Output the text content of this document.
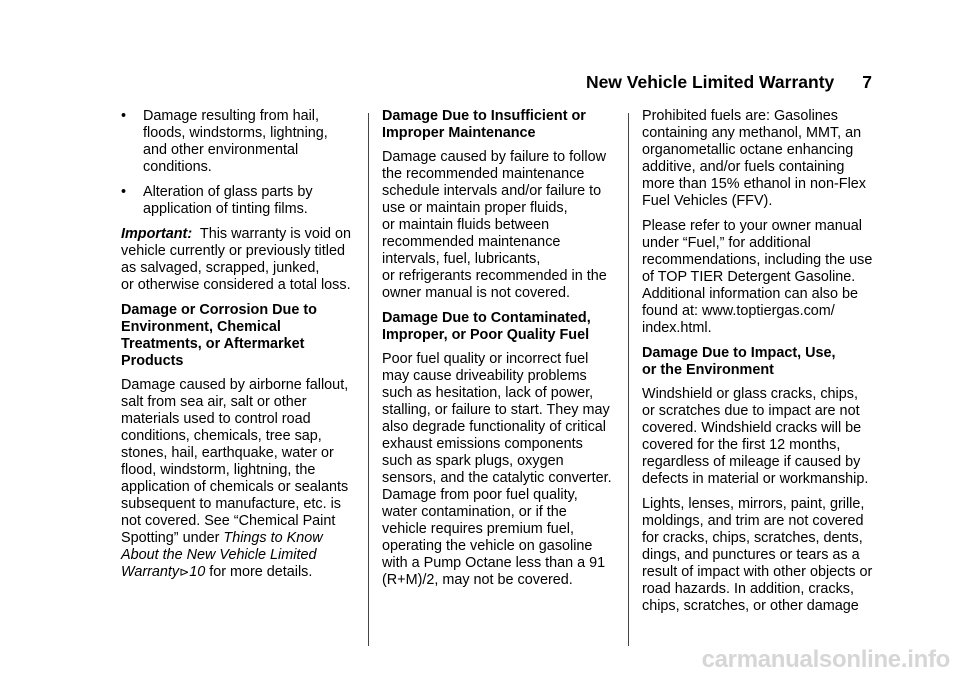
New Vehicle Limited Warranty 7
• Damage resulting from hail,
floods, windstorms, lightning,
and other environmental
conditions.
• Alteration of glass parts by
application of tinting films.

Important: This warranty is void on
vehicle currently or previously titled
as salvaged, scrapped, junked,
or otherwise considered a total loss.

Damage or Corrosion Due to
Environment, Chemical
Treatments, or Aftermarket
Products

Damage caused by airborne fallout,
salt from sea air, salt or other
materials used to control road
conditions, chemicals, tree sap,
stones, hail, earthquake, water or
flood, windstorm, lightning, the
application of chemicals or sealants
subsequent to manufacture, etc. is
not covered. See “Chemical Paint
Spotting” under Things to Know
About the New Vehicle Limited
Warranty⊳10 for more details.

Damage Due to Insufficient or
Improper Maintenance

Damage caused by failure to follow
the recommended maintenance
schedule intervals and/or failure to
use or maintain proper fluids,
or maintain fluids between
recommended maintenance
intervals, fuel, lubricants,
or refrigerants recommended in the
owner manual is not covered.

Damage Due to Contaminated,
Improper, or Poor Quality Fuel

Poor fuel quality or incorrect fuel
may cause driveability problems
such as hesitation, lack of power,
stalling, or failure to start. They may
also degrade functionality of critical
exhaust emissions components
such as spark plugs, oxygen
sensors, and the catalytic converter.
Damage from poor fuel quality,
water contamination, or if the
vehicle requires premium fuel,
operating the vehicle on gasoline
with a Pump Octane less than a 91
(R+M)/2, may not be covered.

Prohibited fuels are: Gasolines
containing any methanol, MMT, an
organometallic octane enhancing
additive, and/or fuels containing
more than 15% ethanol in non-Flex
Fuel Vehicles (FFV).

Please refer to your owner manual
under “Fuel,” for additional
recommendations, including the use
of TOP TIER Detergent Gasoline.
Additional information can also be
found at: www.toptiergas.com/
index.html.

Damage Due to Impact, Use,
or the Environment

Windshield or glass cracks, chips,
or scratches due to impact are not
covered. Windshield cracks will be
covered for the first 12 months,
regardless of mileage if caused by
defects in material or workmanship.

Lights, lenses, mirrors, paint, grille,
moldings, and trim are not covered
for cracks, chips, scratches, dents,
dings, and punctures or tears as a
result of impact with other objects or
road hazards. In addition, cracks,
chips, scratches, or other damage

carmanualsonline.info
